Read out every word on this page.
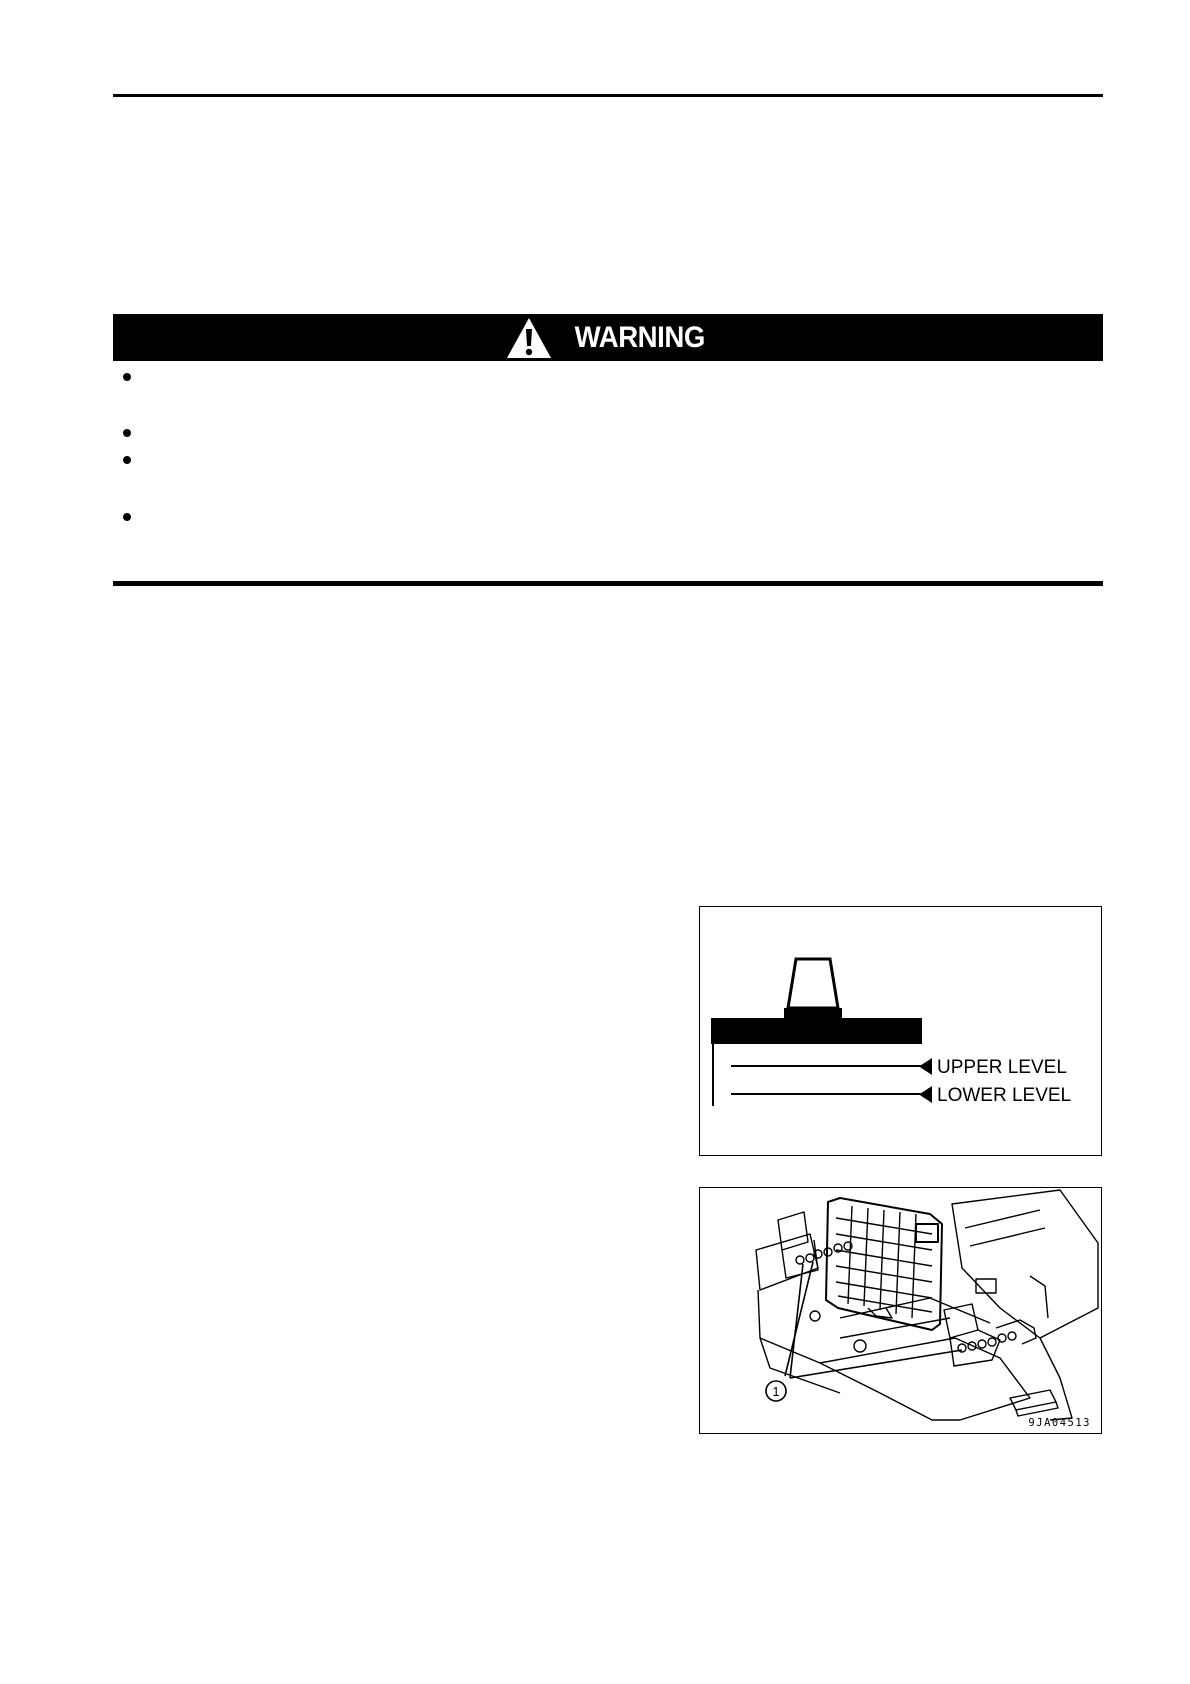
WARNING
UPPER LEVEL
LOWER LEVEL
1
9JA04513
